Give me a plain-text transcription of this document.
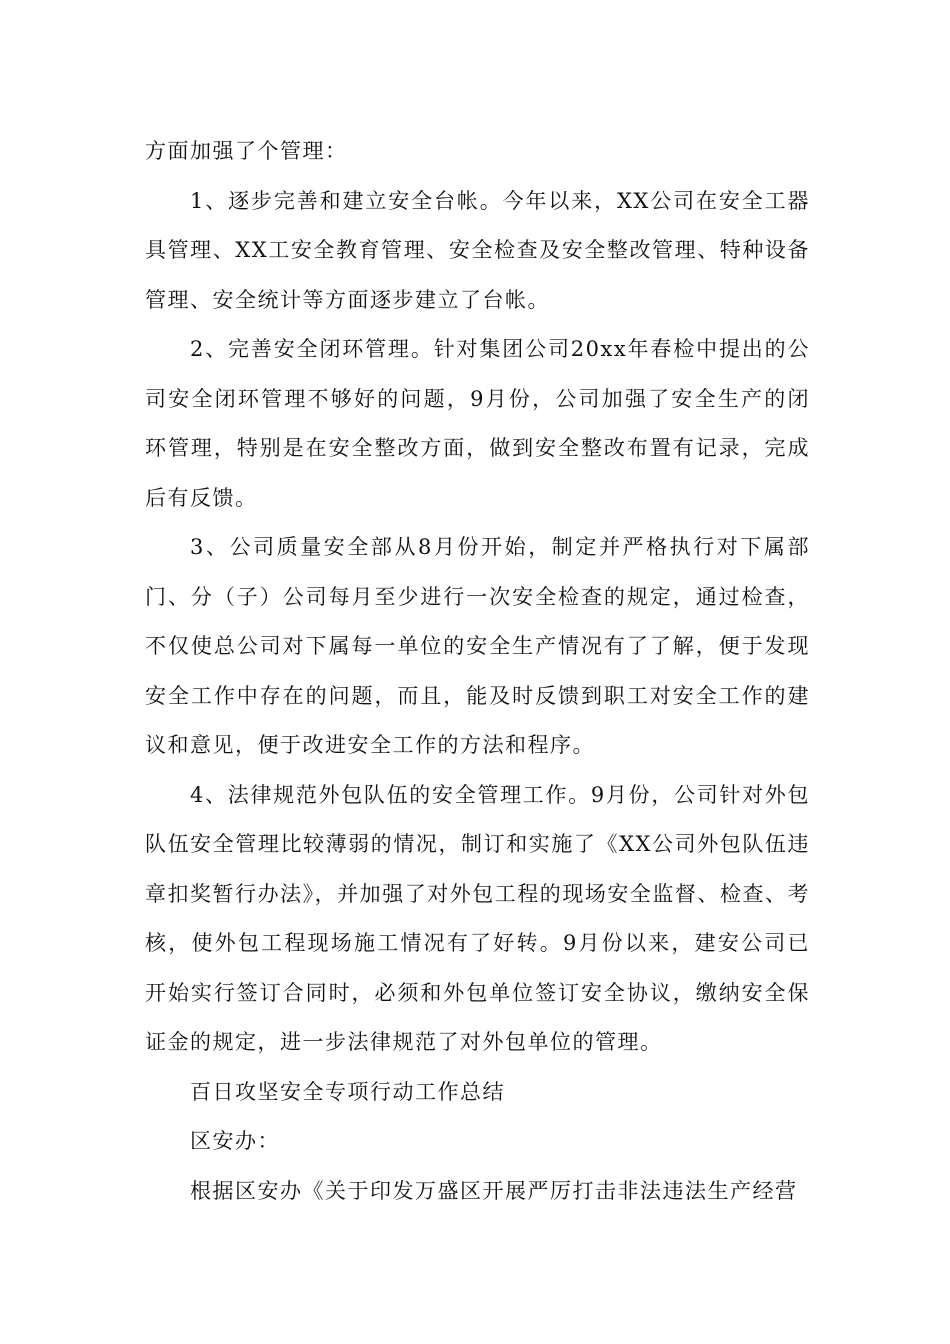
方面加强了个管理：

1、逐步完善和建立安全台帐。今年以来，XX公司在安全工器具管理、XX工安全教育管理、安全检查及安全整改管理、特种设备管理、安全统计等方面逐步建立了台帐。

2、完善安全闭环管理。针对集团公司20xx年春检中提出的公司安全闭环管理不够好的问题，9月份，公司加强了安全生产的闭环管理，特别是在安全整改方面，做到安全整改布置有记录，完成后有反馈。

3、公司质量安全部从8月份开始，制定并严格执行对下属部门、分（子）公司每月至少进行一次安全检查的规定，通过检查，不仅使总公司对下属每一单位的安全生产情况有了了解，便于发现安全工作中存在的问题，而且，能及时反馈到职工对安全工作的建议和意见，便于改进安全工作的方法和程序。

4、法律规范外包队伍的安全管理工作。9月份，公司针对外包队伍安全管理比较薄弱的情况，制订和实施了《XX公司外包队伍违章扣奖暂行办法》，并加强了对外包工程的现场安全监督、检查、考核，使外包工程现场施工情况有了好转。9月份以来，建安公司已开始实行签订合同时，必须和外包单位签订安全协议，缴纳安全保证金的规定，进一步法律规范了对外包单位的管理。

百日攻坚安全专项行动工作总结

区安办：

根据区安办《关于印发万盛区开展严厉打击非法违法生产经营
